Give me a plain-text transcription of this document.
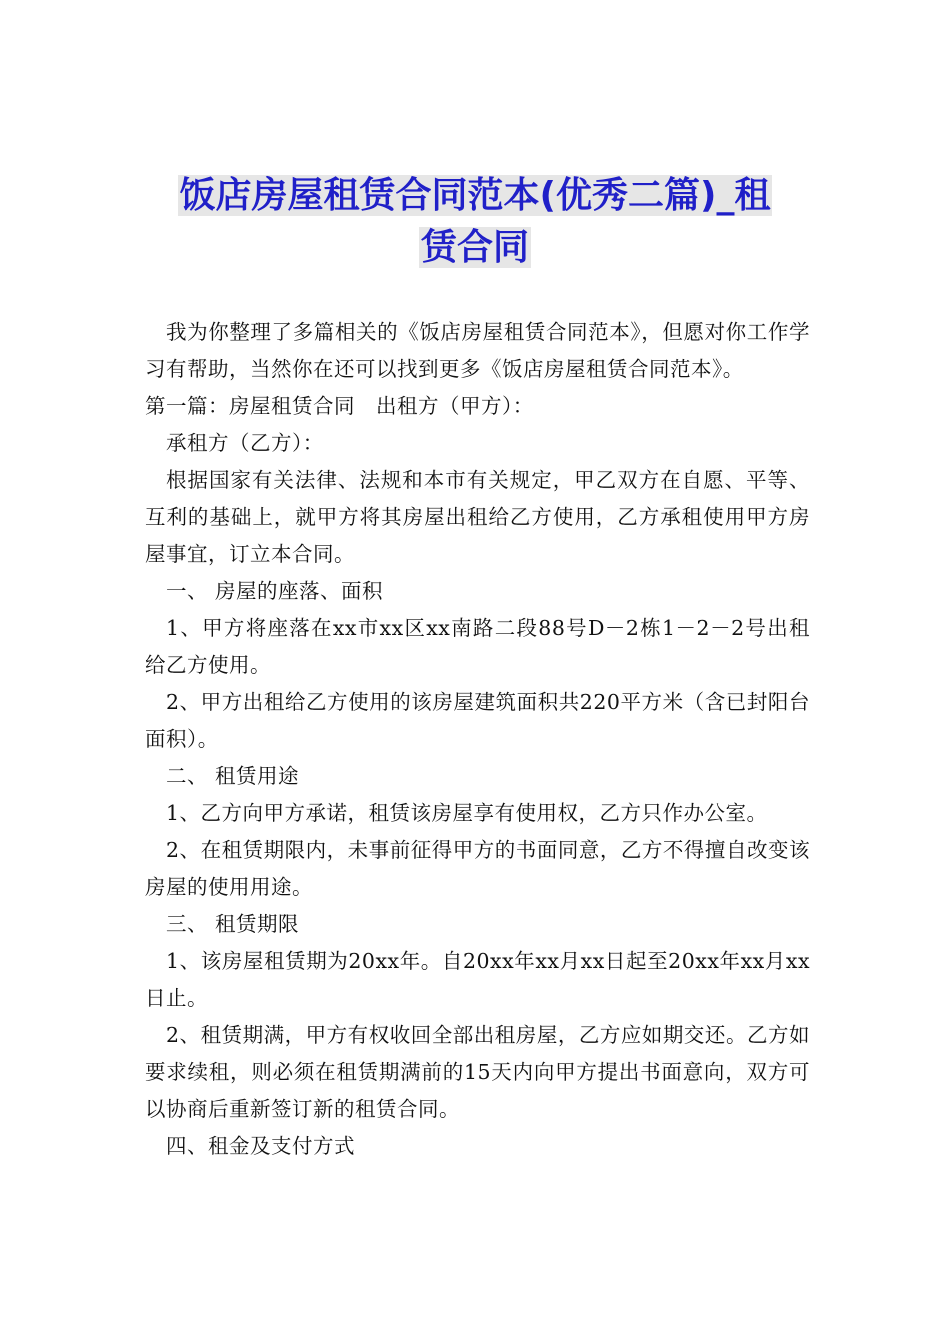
饭店房屋租赁合同范本(优秀二篇)_租
赁合同

我为你整理了多篇相关的《饭店房屋租赁合同范本》，但愿对你工作学习有帮助，当然你在还可以找到更多《饭店房屋租赁合同范本》。

第一篇：房屋租赁合同　出租方（甲方）：

承租方（乙方）：

根据国家有关法律、法规和本市有关规定，甲乙双方在自愿、平等、互利的基础上，就甲方将其房屋出租给乙方使用，乙方承租使用甲方房屋事宜，订立本合同。

一、 房屋的座落、面积

1、甲方将座落在xx市xx区xx南路二段88号D－2栋1－2－2号出租给乙方使用。

2、甲方出租给乙方使用的该房屋建筑面积共220平方米（含已封阳台面积）。

二、 租赁用途

1、乙方向甲方承诺，租赁该房屋享有使用权，乙方只作办公室。

2、在租赁期限内，未事前征得甲方的书面同意，乙方不得擅自改变该房屋的使用用途。

三、 租赁期限

1、该房屋租赁期为20xx年。自20xx年xx月xx日起至20xx年xx月xx日止。

2、租赁期满，甲方有权收回全部出租房屋，乙方应如期交还。乙方如要求续租，则必须在租赁期满前的15天内向甲方提出书面意向，双方可以协商后重新签订新的租赁合同。

四、租金及支付方式
